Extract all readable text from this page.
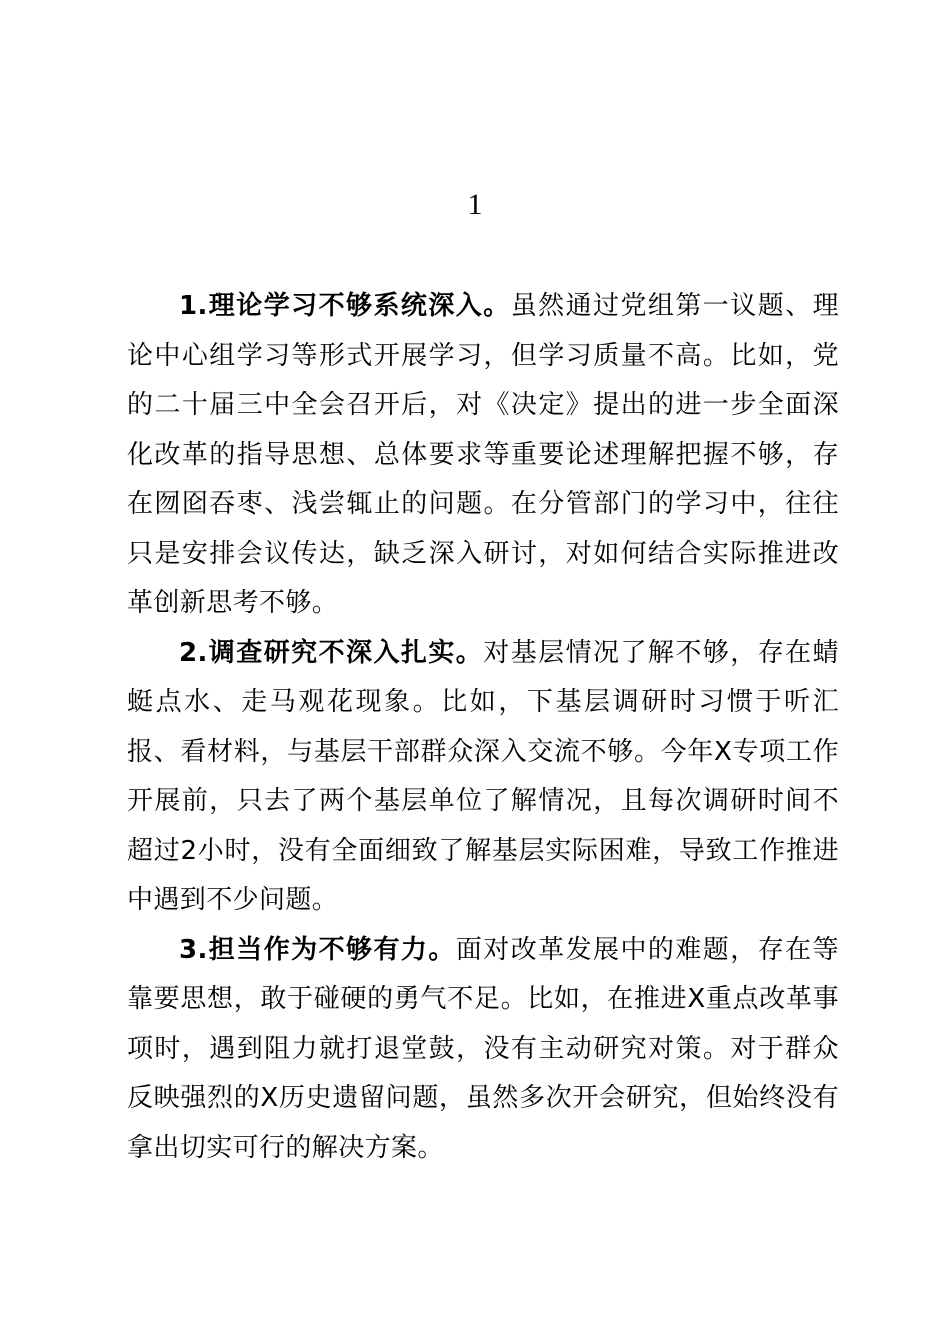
1

1.理论学习不够系统深入。虽然通过党组第一议题、理论中心组学习等形式开展学习，但学习质量不高。比如，党的二十届三中全会召开后，对《决定》提出的进一步全面深化改革的指导思想、总体要求等重要论述理解把握不够，存在囫囵吞枣、浅尝辄止的问题。在分管部门的学习中，往往只是安排会议传达，缺乏深入研讨，对如何结合实际推进改革创新思考不够。

2.调查研究不深入扎实。对基层情况了解不够，存在蜻蜓点水、走马观花现象。比如，下基层调研时习惯于听汇报、看材料，与基层干部群众深入交流不够。今年X专项工作开展前，只去了两个基层单位了解情况，且每次调研时间不超过2小时，没有全面细致了解基层实际困难，导致工作推进中遇到不少问题。

3.担当作为不够有力。面对改革发展中的难题，存在等靠要思想，敢于碰硬的勇气不足。比如，在推进X重点改革事项时，遇到阻力就打退堂鼓，没有主动研究对策。对于群众反映强烈的X历史遗留问题，虽然多次开会研究，但始终没有拿出切实可行的解决方案。
